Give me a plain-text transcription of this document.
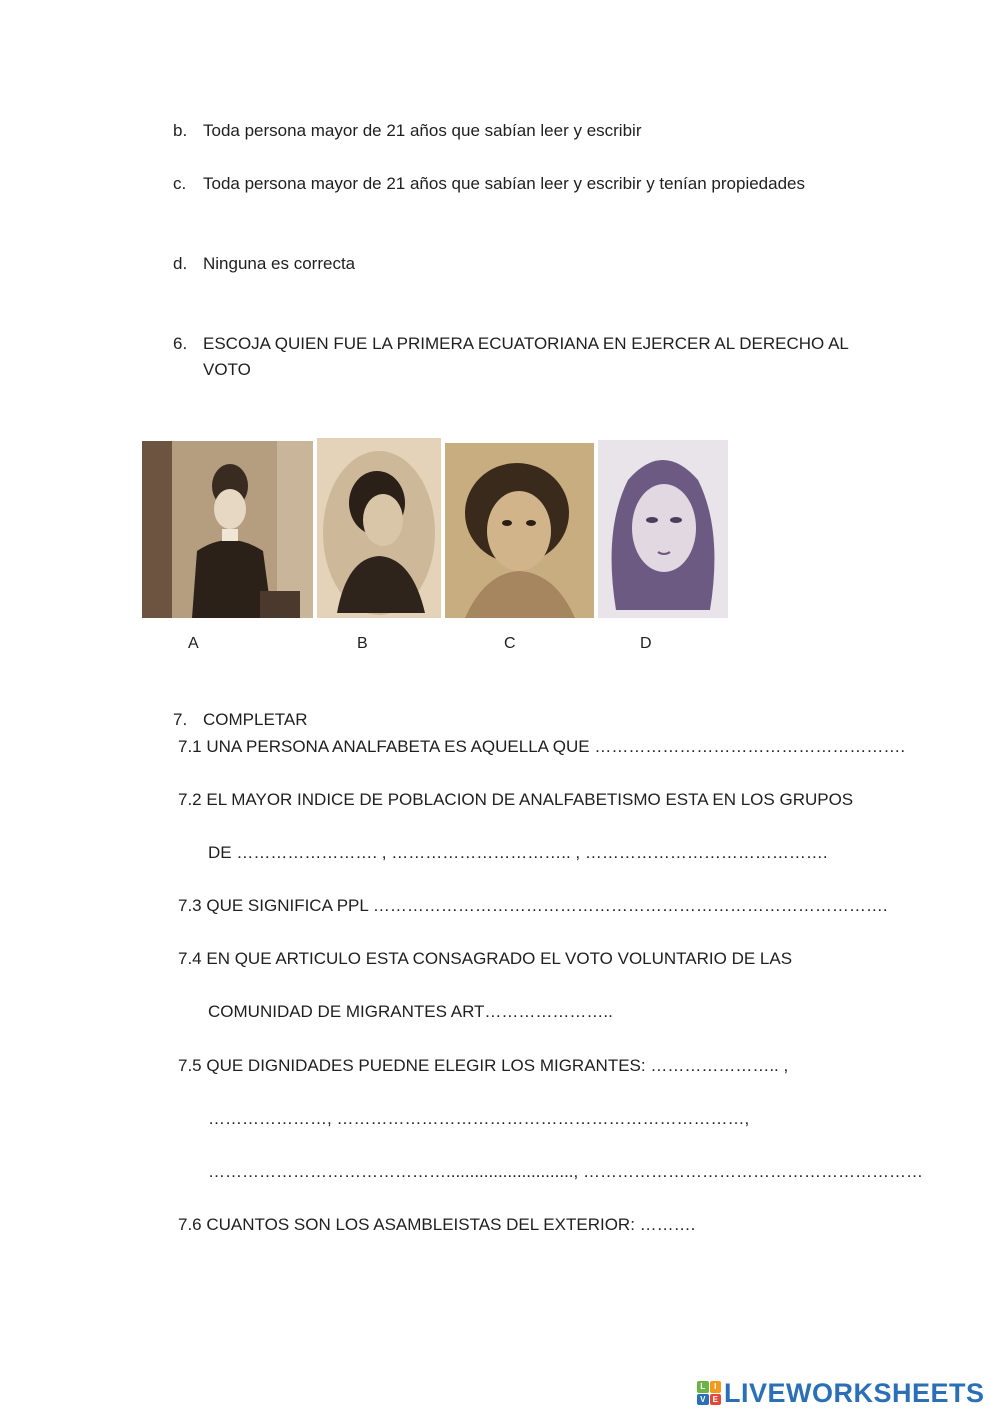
b. Toda persona mayor de 21 años que sabían leer y escribir
c. Toda persona mayor de 21 años que sabían leer y escribir y tenían propiedades
d. Ninguna es correcta
6. ESCOJA QUIEN FUE LA PRIMERA ECUATORIANA EN EJERCER AL DERECHO AL
VOTO
A	B	C	D
7. COMPLETAR
7.1 UNA PERSONA ANALFABETA ES AQUELLA QUE ……………………………………………….
7.2 EL MAYOR INDICE DE POBLACION DE ANALFABETISMO ESTA EN LOS GRUPOS
DE ……………………. , ………………………….. , …………………………………….
7.3 QUE SIGNIFICA PPL ……………………………………………………………………………….
7.4 EN QUE ARTICULO ESTA CONSAGRADO EL VOTO VOLUNTARIO DE LAS
COMUNIDAD DE MIGRANTES ART…………………..
7.5 QUE DIGNIDADES PUEDNE ELEGIR LOS MIGRANTES: ………………….. ,
…………………, ………………………………………………………………,
……………………………………..........................., ……………………………………………………
7.6 CUANTOS SON LOS ASAMBLEISTAS DEL EXTERIOR: ……….
L	I
V E LIVEWORKSHEETS
